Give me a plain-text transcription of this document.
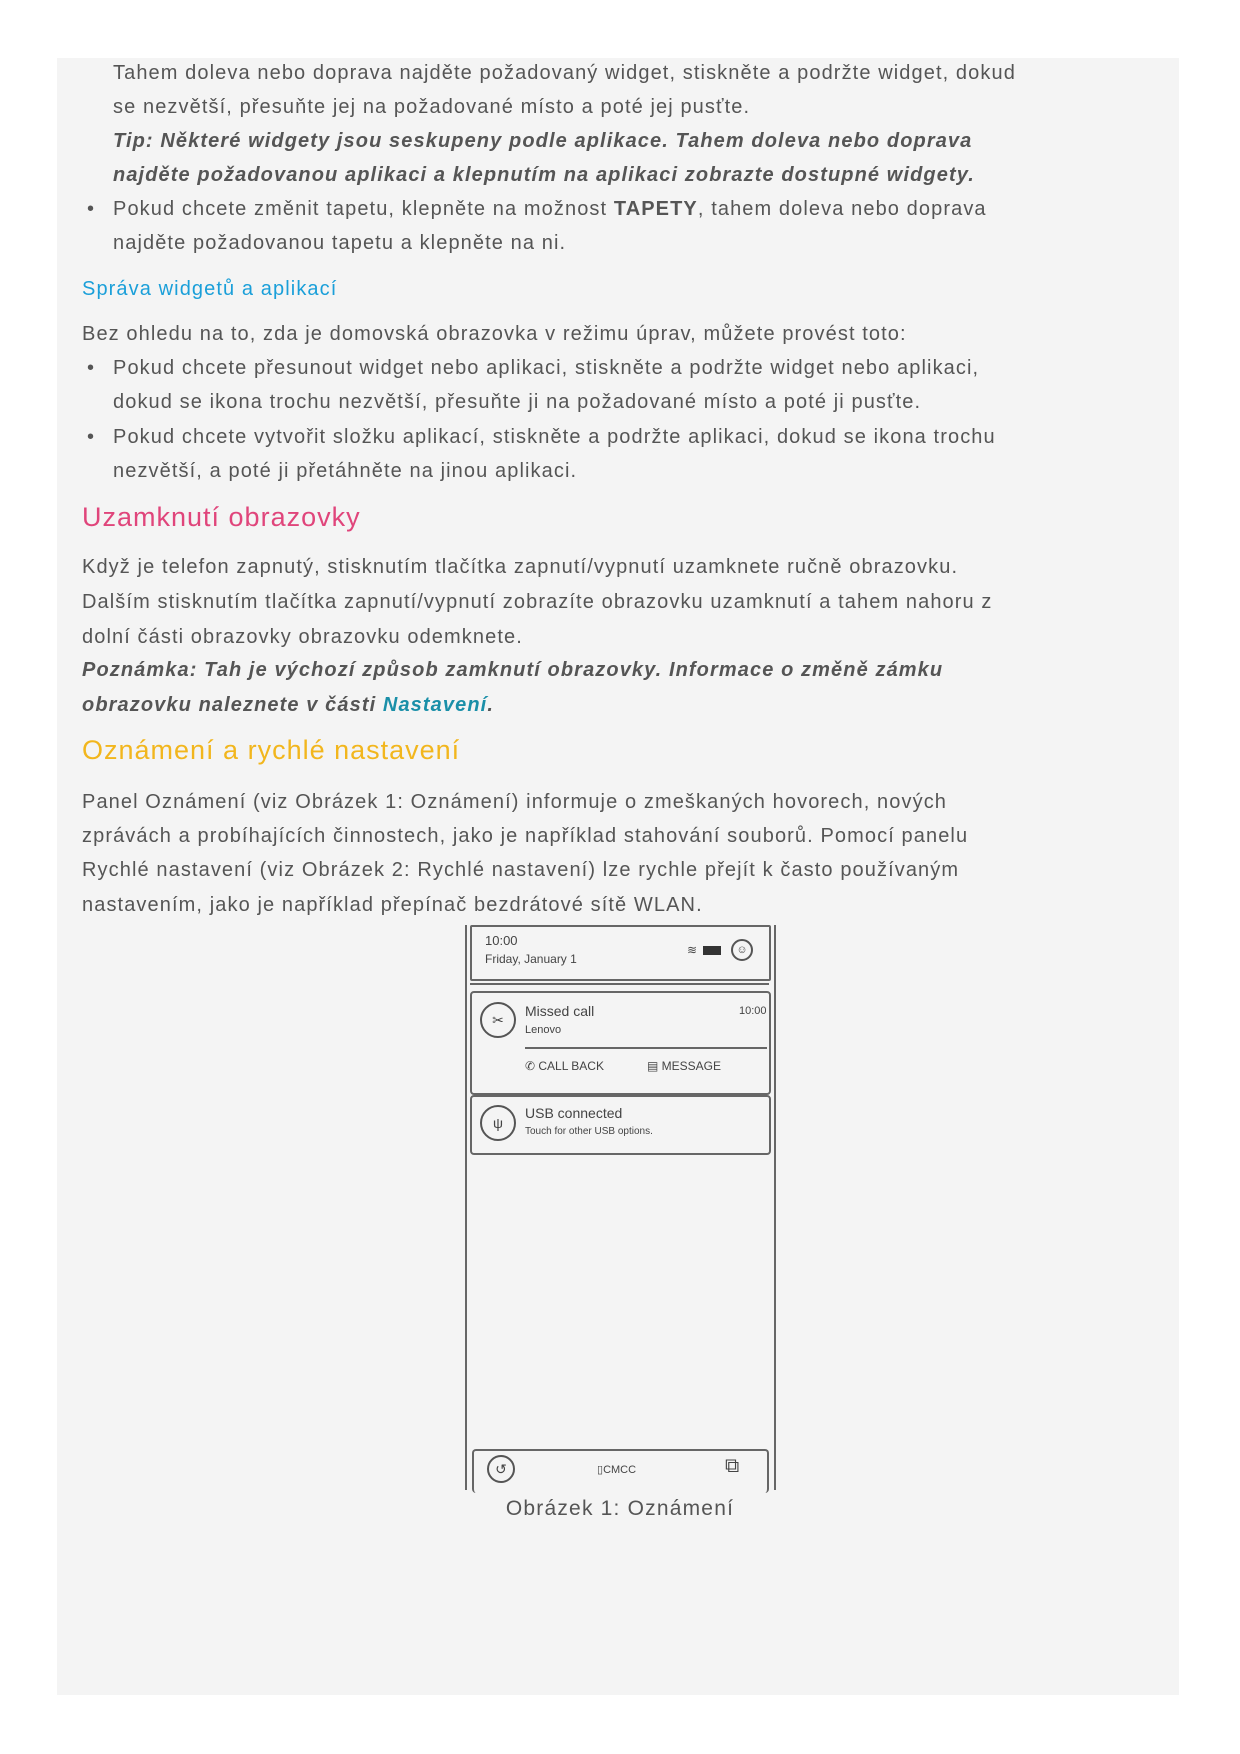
Tahem doleva nebo doprava najděte požadovaný widget, stiskněte a podržte widget, dokud
se nezvětší, přesuňte jej na požadované místo a poté jej pusťte.
Tip: Některé widgety jsou seskupeny podle aplikace. Tahem doleva nebo doprava
najděte požadovanou aplikaci a klepnutím na aplikaci zobrazte dostupné widgety.
• Pokud chcete změnit tapetu, klepněte na možnost TAPETY, tahem doleva nebo doprava
najděte požadovanou tapetu a klepněte na ni.
Správa widgetů a aplikací
Bez ohledu na to, zda je domovská obrazovka v režimu úprav, můžete provést toto:
• Pokud chcete přesunout widget nebo aplikaci, stiskněte a podržte widget nebo aplikaci,
dokud se ikona trochu nezvětší, přesuňte ji na požadované místo a poté ji pusťte.
• Pokud chcete vytvořit složku aplikací, stiskněte a podržte aplikaci, dokud se ikona trochu
nezvětší, a poté ji přetáhněte na jinou aplikaci.
Uzamknutí obrazovky
Když je telefon zapnutý, stisknutím tlačítka zapnutí/vypnutí uzamknete ručně obrazovku.
Dalším stisknutím tlačítka zapnutí/vypnutí zobrazíte obrazovku uzamknutí a tahem nahoru z
dolní části obrazovky obrazovku odemknete.
Poznámka: Tah je výchozí způsob zamknutí obrazovky. Informace o změně zámku
obrazovku naleznete v části Nastavení.
Oznámení a rychlé nastavení
Panel Oznámení (viz Obrázek 1: Oznámení) informuje o zmeškaných hovorech, nových
zprávách a probíhajících činnostech, jako je například stahování souborů. Pomocí panelu
Rychlé nastavení (viz Obrázek 2: Rychlé nastavení) lze rychle přejít k často používaným
nastavením, jako je například přepínač bezdrátové sítě WLAN.
10:00
Friday, January 1
≋	☺
✂
Missed call
Lenovo
10:00
✆ CALL BACK	▤ MESSAGE
ψ
USB connected
Touch for other USB options.
↺	▯CMCC	⧉
Obrázek 1: Oznámení
